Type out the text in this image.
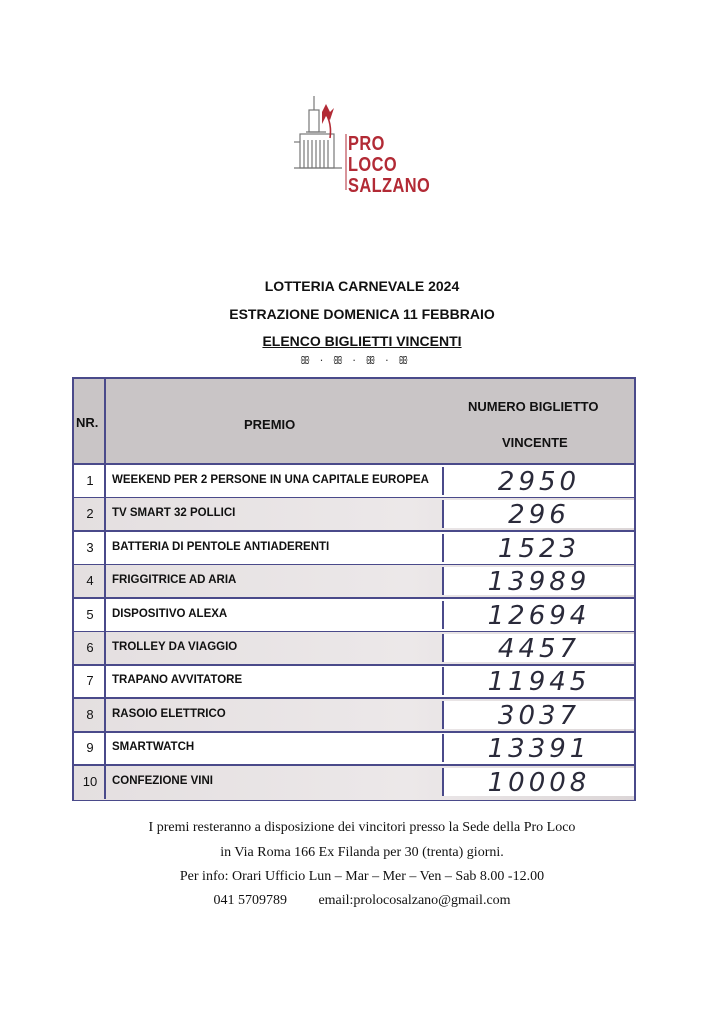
PRO LOCO
SALZANO
LOTTERIA CARNEVALE 2024
ESTRAZIONE DOMENICA 11 FEBBRAIO
ELENCO BIGLIETTI VINCENTI
ꕥ · ꕥ · ꕥ · ꕥ
NR.	PREMIO
NUMERO BIGLIETTO
VINCENTE
1	WEEKEND PER 2 PERSONE IN UNA CAPITALE EUROPEA	2950
2	TV SMART 32 POLLICI	296
3	BATTERIA DI PENTOLE ANTIADERENTI	1523
4	FRIGGITRICE AD ARIA	13989
5	DISPOSITIVO ALEXA	12694
6	TROLLEY DA VIAGGIO	4457
7	TRAPANO AVVITATORE	11945
8	RASOIO ELETTRICO	3037
9	SMARTWATCH	13391
10	CONFEZIONE VINI	10008
I premi resteranno a disposizione dei vincitori presso la Sede della Pro Loco
in Via Roma 166 Ex Filanda per 30 (trenta) giorni.
Per info: Orari Ufficio Lun – Mar – Mer – Ven – Sab 8.00 -12.00
041 5709789 email:prolocosalzano@gmail.com
